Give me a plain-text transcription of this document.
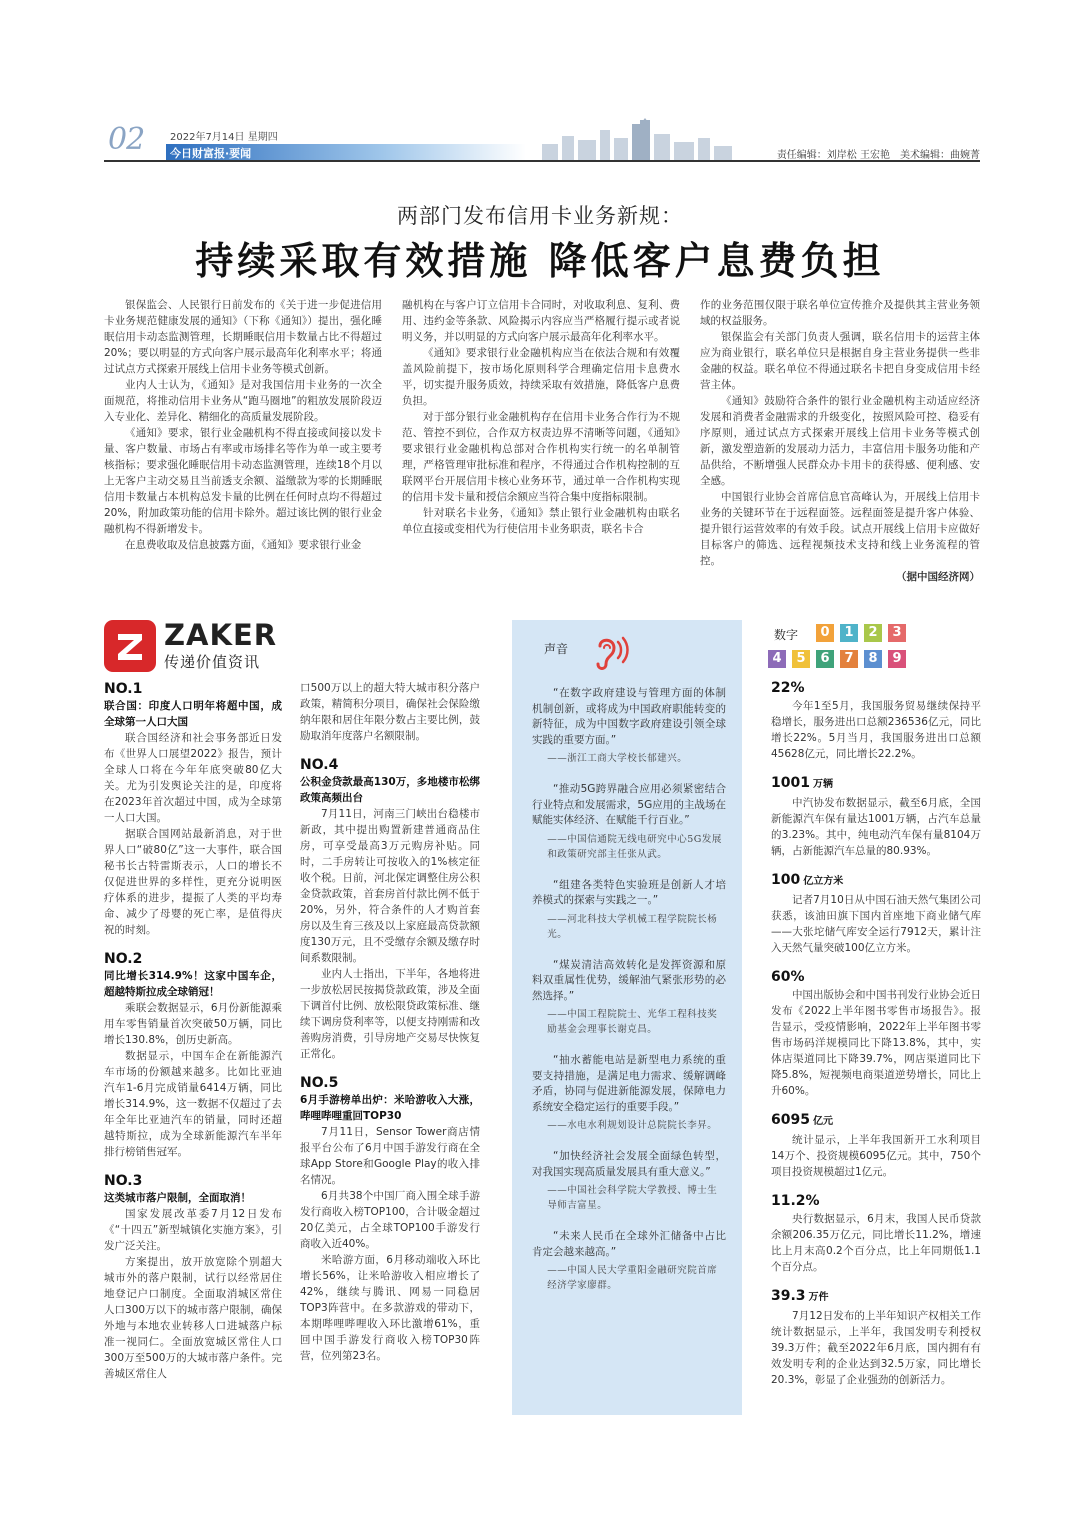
02	2022年7月14日 星期四
今日财富报·要闻	责任编辑：刘岸松 王宏艳　美术编辑：曲婉菁
两部门发布信用卡业务新规：
持续采取有效措施 降低客户息费负担

银保监会、人民银行日前发布的《关于进一步促进信用卡业务规范健康发展的通知》（下称《通知》）提出，强化睡眠信用卡动态监测管理，长期睡眠信用卡数量占比不得超过20%；要以明显的方式向客户展示最高年化利率水平；将通过试点方式探索开展线上信用卡业务等模式创新。

业内人士认为，《通知》是对我国信用卡业务的一次全面规范，将推动信用卡业务从“跑马圈地”的粗放发展阶段迈入专业化、差异化、精细化的高质量发展阶段。

《通知》要求，银行业金融机构不得直接或间接以发卡量、客户数量、市场占有率或市场排名等作为单一或主要考核指标；要求强化睡眠信用卡动态监测管理，连续18个月以上无客户主动交易且当前透支余额、溢缴款为零的长期睡眠信用卡数量占本机构总发卡量的比例在任何时点均不得超过20%，附加政策功能的信用卡除外。超过该比例的银行业金融机构不得新增发卡。

在息费收取及信息披露方面，《通知》要求银行业金

融机构在与客户订立信用卡合同时，对收取利息、复利、费用、违约金等条款、风险揭示内容应当严格履行提示或者说明义务，并以明显的方式向客户展示最高年化利率水平。

《通知》要求银行业金融机构应当在依法合规和有效覆盖风险前提下，按市场化原则科学合理确定信用卡息费水平，切实提升服务质效，持续采取有效措施，降低客户息费负担。

对于部分银行业金融机构存在信用卡业务合作行为不规范、管控不到位，合作双方权责边界不清晰等问题，《通知》要求银行业金融机构总部对合作机构实行统一的名单制管理，严格管理审批标准和程序，不得通过合作机构控制的互联网平台开展信用卡核心业务环节，通过单一合作机构实现的信用卡发卡量和授信余额应当符合集中度指标限制。

针对联名卡业务，《通知》禁止银行业金融机构由联名单位直接或变相代为行使信用卡业务职责，联名卡合

作的业务范围仅限于联名单位宣传推介及提供其主营业务领域的权益服务。

银保监会有关部门负责人强调，联名信用卡的运营主体应为商业银行，联名单位只是根据自身主营业务提供一些非金融的权益。联名单位不得通过联名卡把自身变成信用卡经营主体。

《通知》鼓励符合条件的银行业金融机构主动适应经济发展和消费者金融需求的升级变化，按照风险可控、稳妥有序原则，通过试点方式探索开展线上信用卡业务等模式创新，激发塑造新的发展动力活力，丰富信用卡服务功能和产品供给，不断增强人民群众办卡用卡的获得感、便利感、安全感。

中国银行业协会首席信息官高峰认为，开展线上信用卡业务的关键环节在于远程面签。远程面签是提升客户体验、提升银行运营效率的有效手段。试点开展线上信用卡应做好目标客户的筛选、远程视频技术支持和线上业务流程的管控。

（据中国经济网）

ZAKER
传递价值资讯
NO.1
联合国：印度人口明年将超中国，成全球第一人口大国

联合国经济和社会事务部近日发布《世界人口展望2022》报告，预计全球人口将在今年年底突破80亿大关。尤为引发舆论关注的是，印度将在2023年首次超过中国，成为全球第一人口大国。

据联合国网站最新消息，对于世界人口“破80亿”这一大事件，联合国秘书长古特雷斯表示，人口的增长不仅促进世界的多样性，更充分说明医疗体系的进步，提振了人类的平均寿命、减少了母婴的死亡率，是值得庆祝的时刻。

NO.2
同比增长314.9%！这家中国车企，超越特斯拉成全球销冠！

乘联会数据显示，6月份新能源乘用车零售销量首次突破50万辆，同比增长130.8%，创历史新高。

数据显示，中国车企在新能源汽车市场的份额越来越多。比如比亚迪汽车1-6月完成销量6414万辆，同比增长314.9%，这一数据不仅超过了去年全年比亚迪汽车的销量，同时还超越特斯拉，成为全球新能源汽车半年排行榜销售冠军。

NO.3
这类城市落户限制，全面取消！

国家发展改革委7月12日发布《“十四五”新型城镇化实施方案》，引发广泛关注。

方案提出，放开放宽除个别超大城市外的落户限制，试行以经常居住地登记户口制度。全面取消城区常住人口300万以下的城市落户限制，确保外地与本地农业转移人口进城落户标准一视同仁。全面放宽城区常住人口300万至500万的大城市落户条件。完善城区常住人

口500万以上的超大特大城市积分落户政策，精简积分项目，确保社会保险缴纳年限和居住年限分数占主要比例，鼓励取消年度落户名额限制。

NO.4
公积金贷款最高130万，多地楼市松绑政策高频出台

7月11日，河南三门峡出台稳楼市新政，其中提出购置新建普通商品住房，可享受最高3万元购房补贴。同时，二手房转让可按收入的1%核定征收个税。日前，河北保定调整住房公积金贷款政策，首套房首付款比例不低于20%，另外，符合条件的人才购首套房以及生育三孩及以上家庭最高贷款额度130万元，且不受缴存余额及缴存时间系数限制。

业内人士指出，下半年，各地将进一步放松居民按揭贷款政策，涉及全面下调首付比例、放松限贷政策标准、继续下调房贷利率等，以便支持刚需和改善购房消费，引导房地产交易尽快恢复正常化。

NO.5
6月手游榜单出炉：米哈游收入大涨，哔哩哔哩重回TOP30

7月11日，Sensor Tower商店情报平台公布了6月中国手游发行商在全球App Store和Google Play的收入排名情况。

6月共38个中国厂商入围全球手游发行商收入榜TOP100，合计吸金超过20亿美元，占全球TOP100手游发行商收入近40%。

米哈游方面，6月移动端收入环比增长56%，让米哈游收入相应增长了42%，继续与腾讯、网易一同稳居TOP3阵营中。在多款游戏的带动下，本期哔哩哔哩收入环比激增61%，重回中国手游发行商收入榜TOP30阵营，位列第23名。

声音
“在数字政府建设与管理方面的体制机制创新，或将成为中国政府职能转变的新特征，成为中国数字政府建设引领全球实践的重要方面。”
——浙江工商大学校长郁建兴。
“推动5G跨界融合应用必须紧密结合行业特点和发展需求，5G应用的主战场在赋能实体经济、在赋能千行百业。”
——中国信通院无线电研究中心5G发展和政策研究部主任张从武。
“组建各类特色实验班是创新人才培养模式的探索与实践之一。”
——河北科技大学机械工程学院院长杨光。
“煤炭清洁高效转化是发挥资源和原料双重属性优势，缓解油气紧张形势的必然选择。”
——中国工程院院士、光华工程科技奖励基金会理事长谢克昌。
“抽水蓄能电站是新型电力系统的重要支持措施，是满足电力需求、缓解调峰矛盾，协同与促进新能源发展，保障电力系统安全稳定运行的重要手段。”
——水电水利规划设计总院院长李昇。
“加快经济社会发展全面绿色转型，对我国实现高质量发展具有重大意义。”
——中国社会科学院大学教授、博士生导师吉富星。
“未来人民币在全球外汇储备中占比肯定会越来越高。”
——中国人民大学重阳金融研究院首席经济学家廖群。
数字	0	1	2	3
4	5	6	7	8	9
22%

今年1至5月，我国服务贸易继续保持平稳增长，服务进出口总额236536亿元，同比增长22%。5月当月，我国服务进出口总额45628亿元，同比增长22.2%。

1001 万辆

中汽协发布数据显示，截至6月底，全国新能源汽车保有量达1001万辆，占汽车总量的3.23%。其中，纯电动汽车保有量8104万辆，占新能源汽车总量的80.93%。

100 亿立方米

记者7月10日从中国石油天然气集团公司获悉，该油田旗下国内首座地下商业储气库——大张坨储气库安全运行7912天，累计注入天然气量突破100亿立方米。

60%

中国出版协会和中国书刊发行业协会近日发布《2022上半年图书零售市场报告》。报告显示，受疫情影响，2022年上半年图书零售市场码洋规模同比下降13.8%，其中，实体店渠道同比下降39.7%，网店渠道同比下降5.8%，短视频电商渠道逆势增长，同比上升60%。

6095 亿元

统计显示，上半年我国新开工水利项目14万个、投资规模6095亿元。其中，750个项目投资规模超过1亿元。

11.2%

央行数据显示，6月末，我国人民币贷款余额206.35万亿元，同比增长11.2%，增速比上月末高0.2个百分点，比上年同期低1.1个百分点。

39.3 万件

7月12日发布的上半年知识产权相关工作统计数据显示，上半年，我国发明专利授权39.3万件；截至2022年6月底，国内拥有有效发明专利的企业达到32.5万家，同比增长20.3%，彰显了企业强劲的创新活力。
